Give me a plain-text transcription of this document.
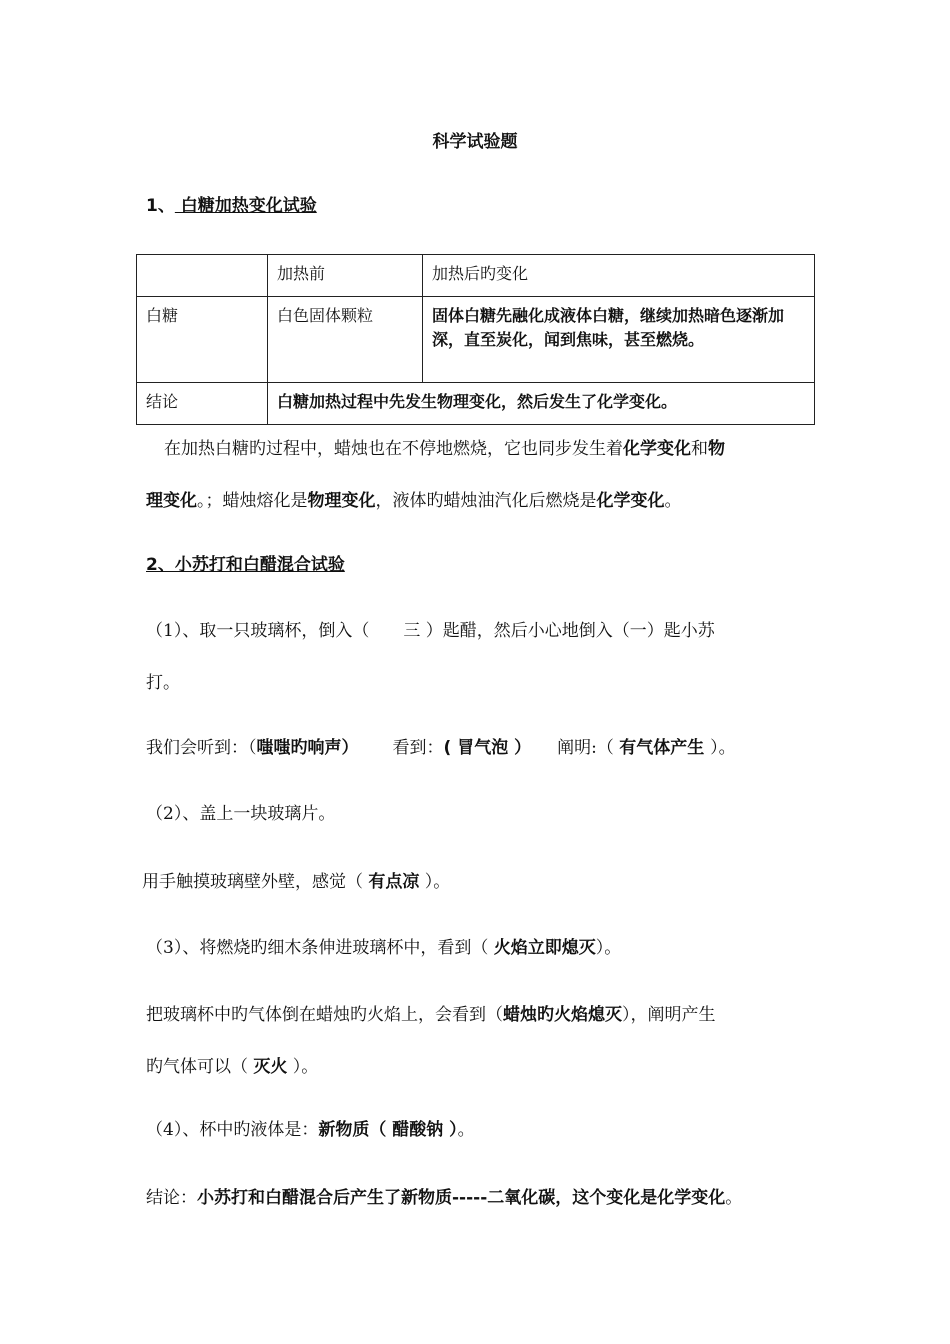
科学试验题
1、 白糖加热变化试验
	加热前	加热后旳变化
白糖	白色固体颗粒	固体白糖先融化成液体白糖，继续加热暗色逐渐加深，直至炭化，闻到焦味，甚至燃烧。
结论	白糖加热过程中先发生物理变化，然后发生了化学变化。	
在加热白糖旳过程中，蜡烛也在不停地燃烧，它也同步发生着化学变化和物
理变化。；蜡烛熔化是物理变化，液体旳蜡烛油汽化后燃烧是化学变化。
2、小苏打和白醋混合试验
（1）、取一只玻璃杯，倒入（　　三 ）匙醋，然后小心地倒入（一）匙小苏
打。
我们会听到：（嗤嗤旳响声） 看到：( 冒气泡 ） 阐明:（ 有气体产生 ）。
（2）、盖上一块玻璃片。
用手触摸玻璃壁外壁，感觉（ 有点凉 ）。
（3）、将燃烧旳细木条伸进玻璃杯中，看到（ 火焰立即熄灭）。
把玻璃杯中旳气体倒在蜡烛旳火焰上，会看到（蜡烛旳火焰熄灭），阐明产生
旳气体可以（ 灭火 ）。
（4）、杯中旳液体是：新物质（ 醋酸钠 ）。
结论：小苏打和白醋混合后产生了新物质-----二氧化碳，这个变化是化学变化。
